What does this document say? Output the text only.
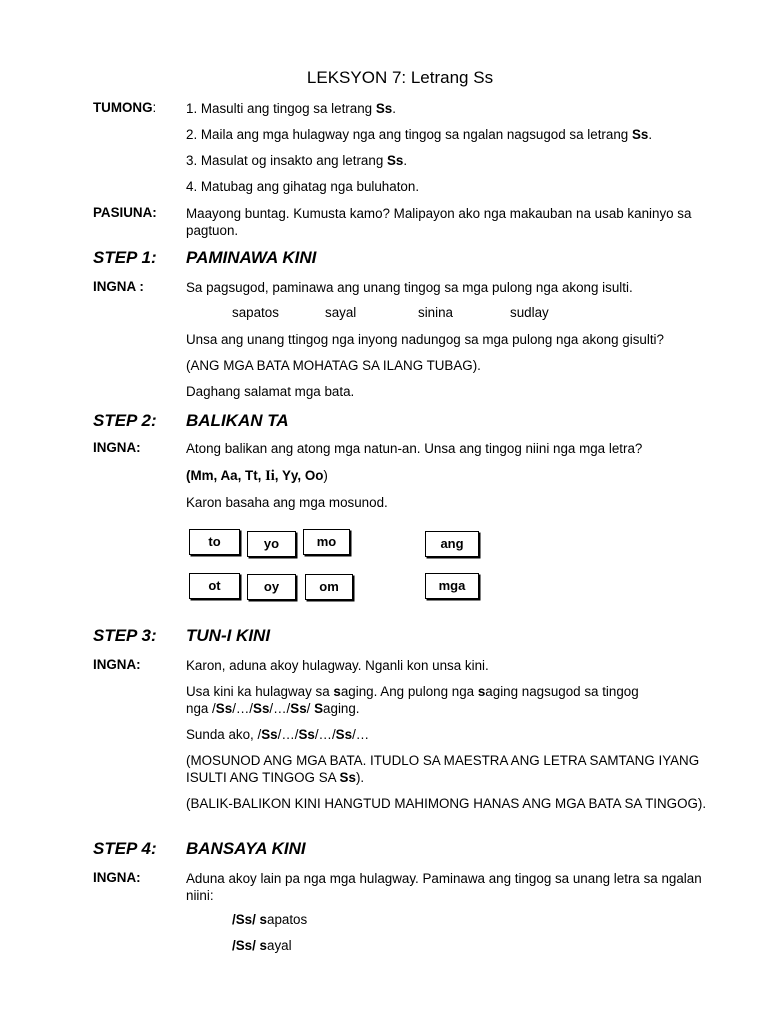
LEKSYON 7: Letrang Ss
TUMONG: 1. Masulti ang tingog sa letrang Ss.
2. Maila ang mga hulagway nga ang tingog sa ngalan nagsugod sa letrang Ss.
3. Masulat og insakto ang letrang Ss.
4. Matubag ang gihatag nga buluhaton.
PASIUNA: Maayong buntag. Kumusta kamo? Malipayon ako nga makauban na usab kaninyo sa pagtuon.
STEP 1: PAMINAWA KINI
INGNA :	Sa pagsugod, paminawa ang unang tingog sa mga pulong nga akong isulti.
sapatos	sayal	sinina	sudlay
Unsa ang unang ttingog nga inyong nadungog sa mga pulong nga akong gisulti?
(ANG MGA BATA MOHATAG SA ILANG TUBAG).
Daghang salamat mga bata.
STEP 2: BALIKAN TA
INGNA:	Atong balikan ang atong mga natun-an. Unsa ang tingog niini nga mga letra?
(Mm, Aa, Tt, Ii, Yy, Oo)
Karon basaha ang mga mosunod.
to	yo	mo	ang
ot	oy	om	mga
STEP 3: TUN-I KINI
INGNA:	Karon, aduna akoy hulagway. Nganli kon unsa kini.
Usa kini ka hulagway sa saging. Ang pulong nga saging nagsugod sa tingog
nga /Ss/…/Ss/…/Ss/ Saging.
Sunda ako, /Ss/…/Ss/…/Ss/…
(MOSUNOD ANG MGA BATA. ITUDLO SA MAESTRA ANG LETRA SAMTANG IYANG ISULTI ANG TINGOG SA Ss).
(BALIK-BALIKON KINI HANGTUD MAHIMONG HANAS ANG MGA BATA SA TINGOG).
STEP 4: BANSAYA KINI
INGNA:	Aduna akoy lain pa nga mga hulagway. Paminawa ang tingog sa unang letra sa ngalan niini:
/Ss/ sapatos
/Ss/ sayal
